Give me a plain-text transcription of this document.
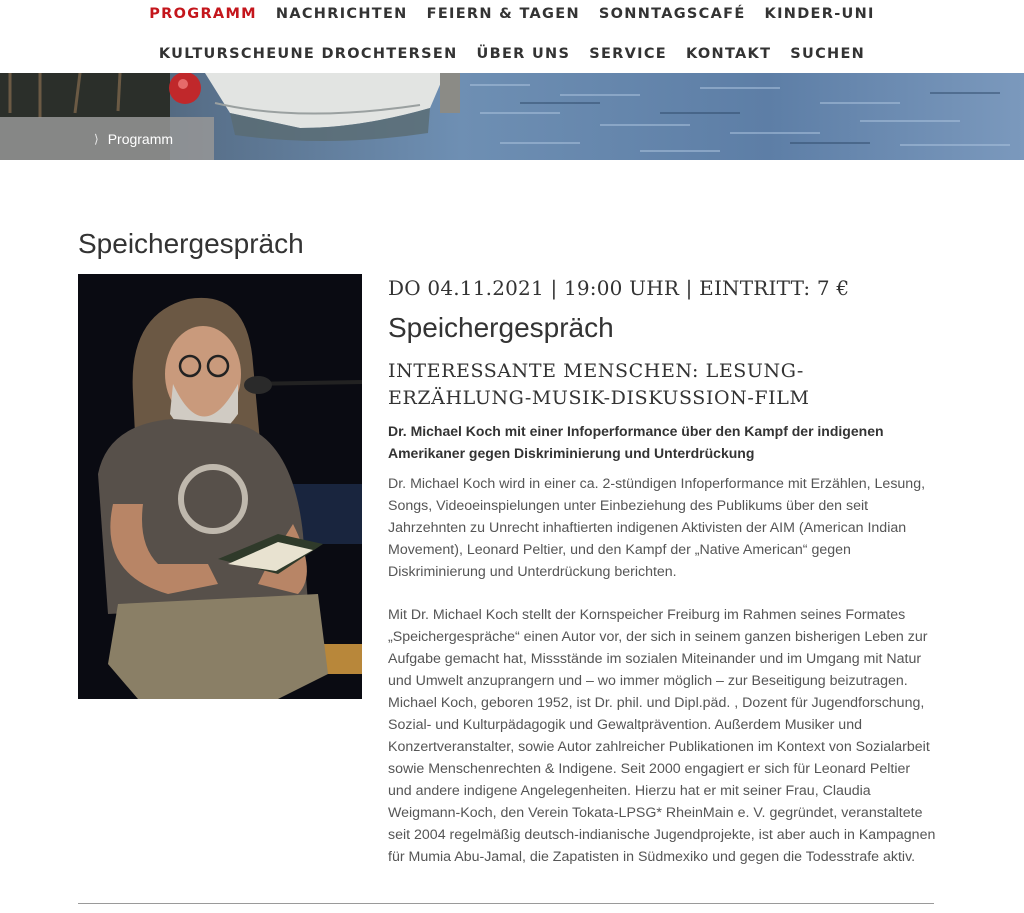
PROGRAMM	NACHRICHTEN	FEIERN & TAGEN	SONNTAGSCAFÉ	KINDER-UNI
KULTURSCHEUNE DROCHTERSEN	ÜBER UNS	SERVICE	KONTAKT	SUCHEN
⟩ Programm
Speichergespräch
DO 04.11.2021 | 19:00 UHR | EINTRITT: 7 €
Speichergespräch
INTERESSANTE MENSCHEN: LESUNG-ERZÄHLUNG-MUSIK-DISKUSSION-FILM

Dr. Michael Koch mit einer Infoperformance über den Kampf der indigenen Amerikaner gegen Diskriminierung und Unterdrückung

Dr. Michael Koch wird in einer ca. 2-stündigen Infoperformance mit Erzählen, Lesung, Songs, Videoeinspielungen unter Einbeziehung des Publikums über den seit Jahrzehnten zu Unrecht inhaftierten indigenen Aktivisten der AIM (American Indian Movement), Leonard Peltier, und den Kampf der „Native American“ gegen Diskriminierung und Unterdrückung berichten.

Mit Dr. Michael Koch stellt der Kornspeicher Freiburg im Rahmen seines Formates „Speichergespräche“ einen Autor vor, der sich in seinem ganzen bisherigen Leben zur Aufgabe gemacht hat, Missstände im sozialen Miteinander und im Umgang mit Natur und Umwelt anzuprangern und – wo immer möglich – zur Beseitigung beizutragen. Michael Koch, geboren 1952, ist Dr. phil. und Dipl.päd. , Dozent für Jugendforschung, Sozial- und Kulturpädagogik und Gewaltprävention. Außerdem Musiker und Konzertveranstalter, sowie Autor zahlreicher Publikationen im Kontext von Sozialarbeit sowie Menschenrechten & Indigene. Seit 2000 engagiert er sich für Leonard Peltier und andere indigene Angelegenheiten. Hierzu hat er mit seiner Frau, Claudia Weigmann-Koch, den Verein Tokata-LPSG* RheinMain e. V. gegründet, veranstaltete seit 2004 regelmäßig deutsch-indianische Jugendprojekte, ist aber auch in Kampagnen für Mumia Abu-Jamal, die Zapatisten in Südmexiko und gegen die Todesstrafe aktiv.
